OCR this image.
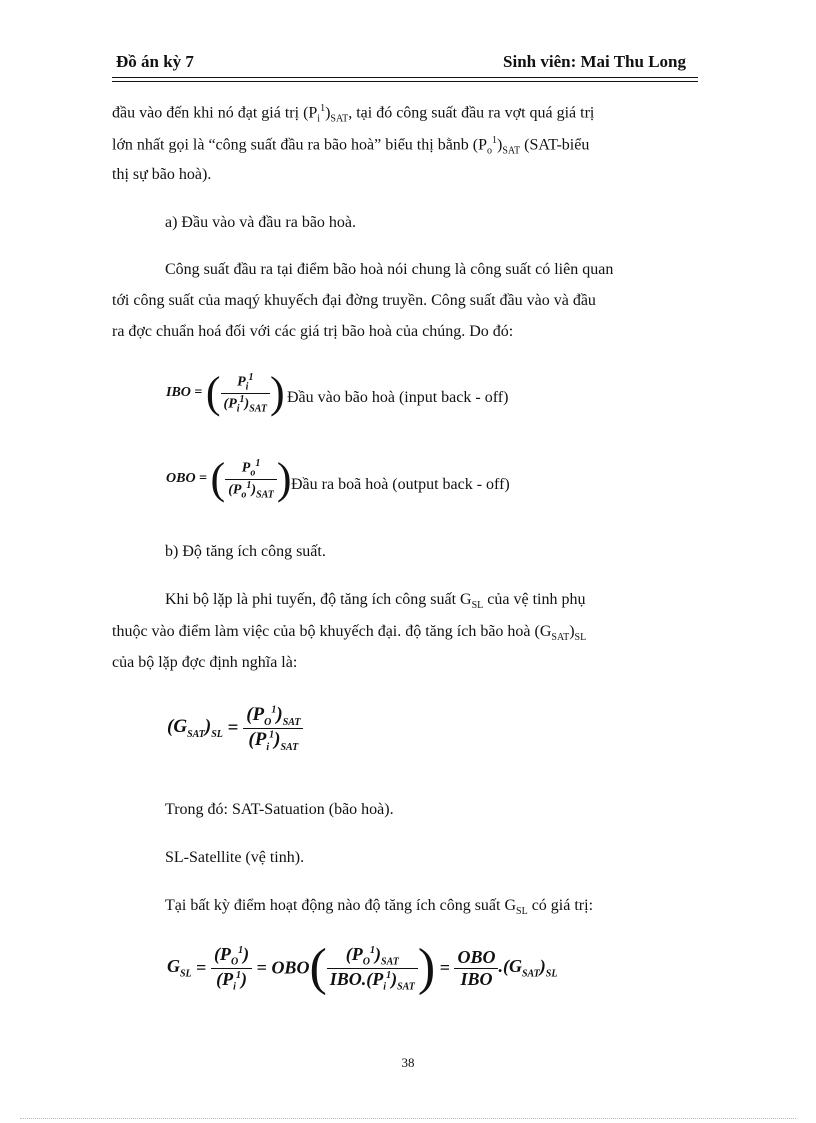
Đồ án kỳ 7	Sinh viên: Mai Thu Long
đầu vào đến khi nó đạt giá trị $(P_i^1)_{SAT}$, tại đó công suất đầu ra vợt quá giá trị
lớn nhất gọi là “công suất đầu ra bão hoà” biểu thị bằnb $(P_o^1)_{SAT}$ (SAT-biểu
thị sự bão hoà).
a) Đầu vào và đầu ra bão hoà.
Công suất đầu ra tại điểm bão hoà nói chung là công suất có liên quan
tới công suất của maqý khuyếch đại đờng truyền. Công suất đầu vào và đầu
ra đợc chuẩn hoá đối với các giá trị bão hoà của chúng. Do đó:
IBO = ( $\frac{P_i^1}{(P_i^1)_{SAT}}$ ) Đầu vào bão hoà (input back - off)
OBO = ( $\frac{P_o^1}{(P_o^1)_{SAT}}$ ) Đầu ra boã hoà (output back - off)
b) Độ tăng ích công suất.
Khi bộ lặp là phi tuyến, độ tăng ích công suất $G_{SL}$ của vệ tinh phụ
thuộc vào điểm làm việc của bộ khuyếch đại. độ tăng ích bão hoà $(G_{SAT})_{SL}$
của bộ lặp đợc định nghĩa là:
$(G_{SAT})_{SL} = \frac{(P_O^1)_{SAT}}{(P_i^1)_{SAT}}$
Trong đó: SAT-Satuation (bão hoà).
SL-Satellite (vệ tinh).
Tại bất kỳ điểm hoạt động nào độ tăng ích công suất $G_{SL}$ có giá trị:
$G_{SL} = \frac{(P_O^1)}{(P_i^1)} = OBO( \frac{(P_O^1)_{SAT}}{IBO.(P_i^1)_{SAT}}$ ) = $\frac{\text{OBO}}{\text{IBO}} .(G_{SAT})_{SL}$
38
